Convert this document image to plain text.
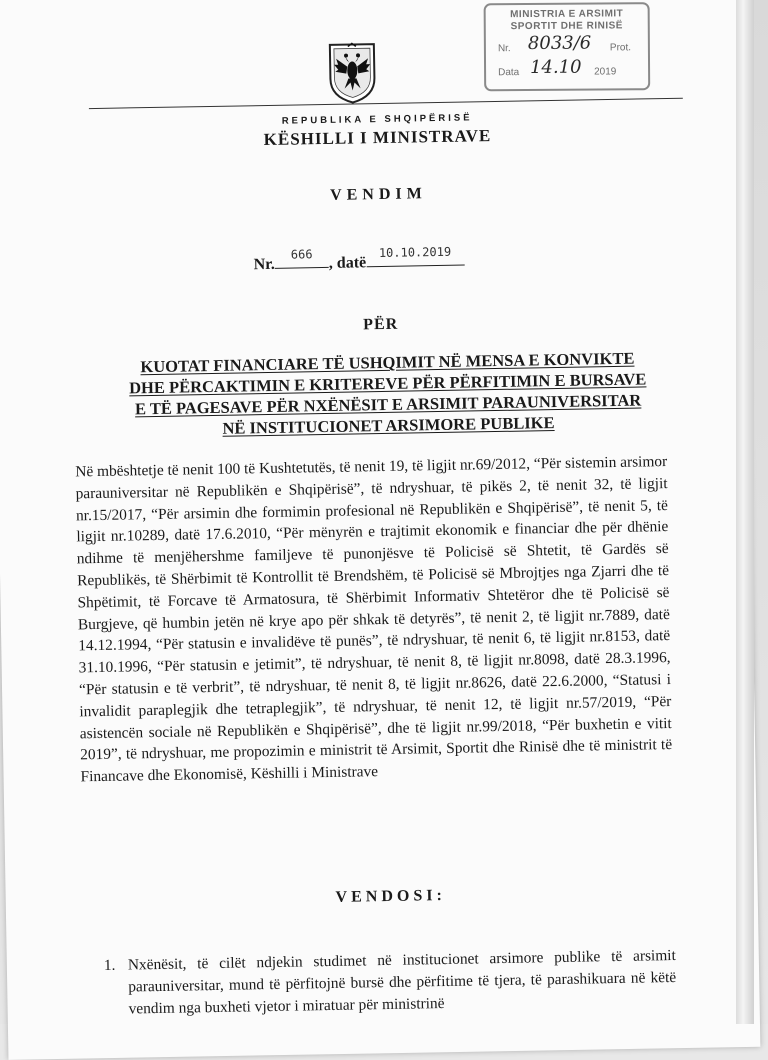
MINISTRIA E ARSIMIT
SPORTIT DHE RINISË
Nr. 8033/6 Prot.
Data 14.10 2019
REPUBLIKA E SHQIPËRISË
KËSHILLI I MINISTRAVE
VENDIM
Nr.
666	, datë
10.10.2019
PËR
KUOTAT FINANCIARE TË USHQIMIT NË MENSA E KONVIKTE
DHE PËRCAKTIMIN E KRITEREVE PËR PËRFITIMIN E BURSAVE
E TË PAGESAVE PËR NXËNËSIT E ARSIMIT PARAUNIVERSITAR
NË INSTITUCIONET ARSIMORE PUBLIKE
Në mbështetje të nenit 100 të Kushtetutës, të nenit 19, të ligjit nr.69/2012, “Për sistemin arsimor parauniversitar në Republikën e Shqipërisë”, të ndryshuar, të pikës 2, të nenit 32, të ligjit nr.15/2017, “Për arsimin dhe formimin profesional në Republikën e Shqipërisë”, të nenit 5, të ligjit nr.10289, datë 17.6.2010, “Për mënyrën e trajtimit ekonomik e financiar dhe për dhënie ndihme të menjëhershme familjeve të punonjësve të Policisë së Shtetit, të Gardës së Republikës, të Shërbimit të Kontrollit të Brendshëm, të Policisë së Mbrojtjes nga Zjarri dhe të Shpëtimit, të Forcave të Armatosura, të Shërbimit Informativ Shtetëror dhe të Policisë së Burgjeve, që humbin jetën në krye apo për shkak të detyrës”, të nenit 2, të ligjit nr.7889, datë 14.12.1994, “Për statusin e invalidëve të punës”, të ndryshuar, të nenit 6, të ligjit nr.8153, datë 31.10.1996, “Për statusin e jetimit”, të ndryshuar, të nenit 8, të ligjit nr.8098, datë 28.3.1996, “Për statusin e të verbrit”, të ndryshuar, të nenit 8, të ligjit nr.8626, datë 22.6.2000, “Statusi i invalidit paraplegjik dhe tetraplegjik”, të ndryshuar, të nenit 12, të ligjit nr.57/2019, “Për asistencën sociale në Republikën e Shqipërisë”, dhe të ligjit nr.99/2018, “Për buxhetin e vitit 2019”, të ndryshuar, me propozimin e ministrit të Arsimit, Sportit dhe Rinisë dhe të ministrit të Financave dhe Ekonomisë, Këshilli i Ministrave
VENDOSI:
1. Nxënësit, të cilët ndjekin studimet në institucionet arsimore publike të arsimit parauniversitar, mund të përfitojnë bursë dhe përfitime të tjera, të parashikuara në këtë vendim nga buxheti vjetor i miratuar për ministrinë
